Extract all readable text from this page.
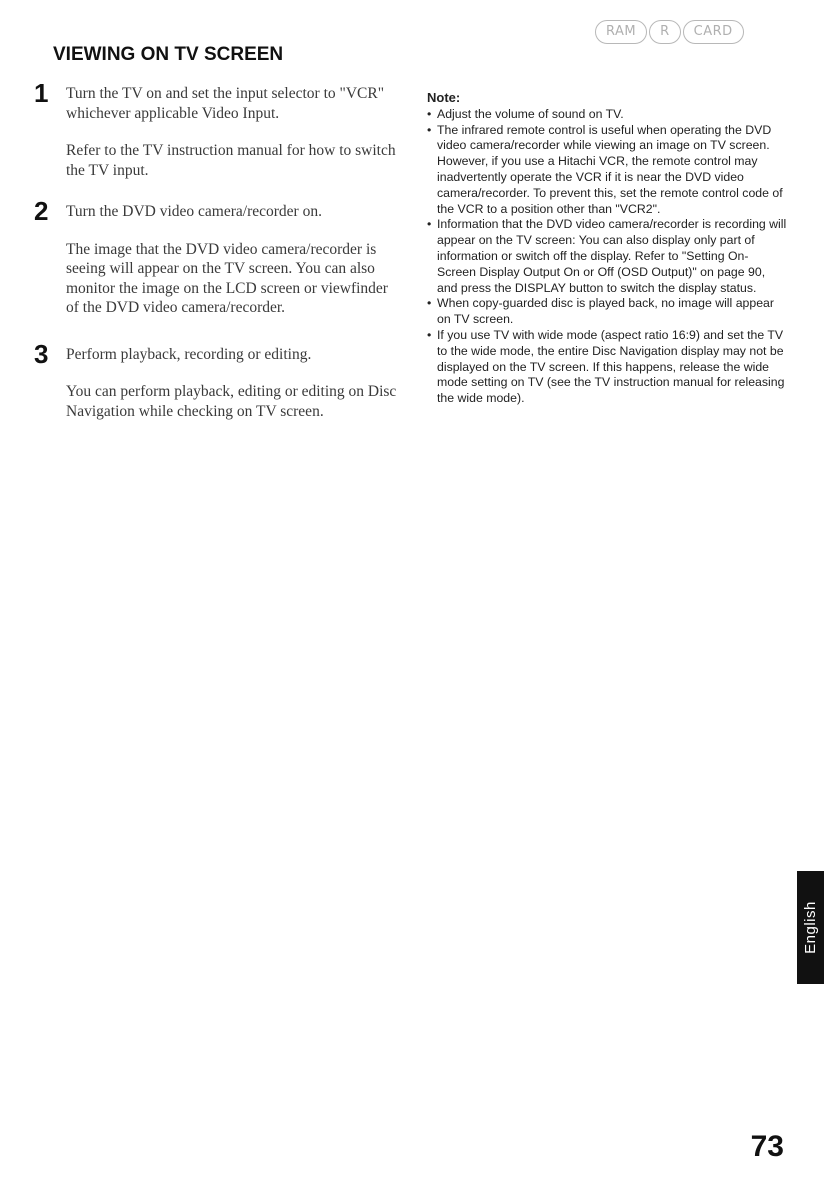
RAM	R	CARD
VIEWING ON TV SCREEN
1 Turn the TV on and set the input selector to "VCR" whichever applicable Video Input.

Refer to the TV instruction manual for how to switch the TV input.

2 Turn the DVD video camera/recorder on.

The image that the DVD video camera/recorder is seeing will appear on the TV screen. You can also monitor the image on the LCD screen or viewfinder of the DVD video camera/recorder.

3 Perform playback, recording or editing.

You can perform playback, editing or editing on Disc Navigation while checking on TV screen.

Note:
• Adjust the volume of sound on TV.
• The infrared remote control is useful when operating the DVD video camera/recorder while viewing an image on TV screen. However, if you use a Hitachi VCR, the remote control may inadvertently operate the VCR if it is near the DVD video camera/recorder. To prevent this, set the remote control code of the VCR to a position other than "VCR2".
• Information that the DVD video camera/recorder is recording will appear on the TV screen: You can also display only part of information or switch off the display. Refer to "Setting On-Screen Display Output On or Off (OSD Output)" on page 90, and press the DISPLAY button to switch the display status.
• When copy-guarded disc is played back, no image will appear on TV screen.
• If you use TV with wide mode (aspect ratio 16:9) and set the TV to the wide mode, the entire Disc Navigation display may not be displayed on the TV screen. If this happens, release the wide mode setting on TV (see the TV instruction manual for releasing the wide mode).
English
73
